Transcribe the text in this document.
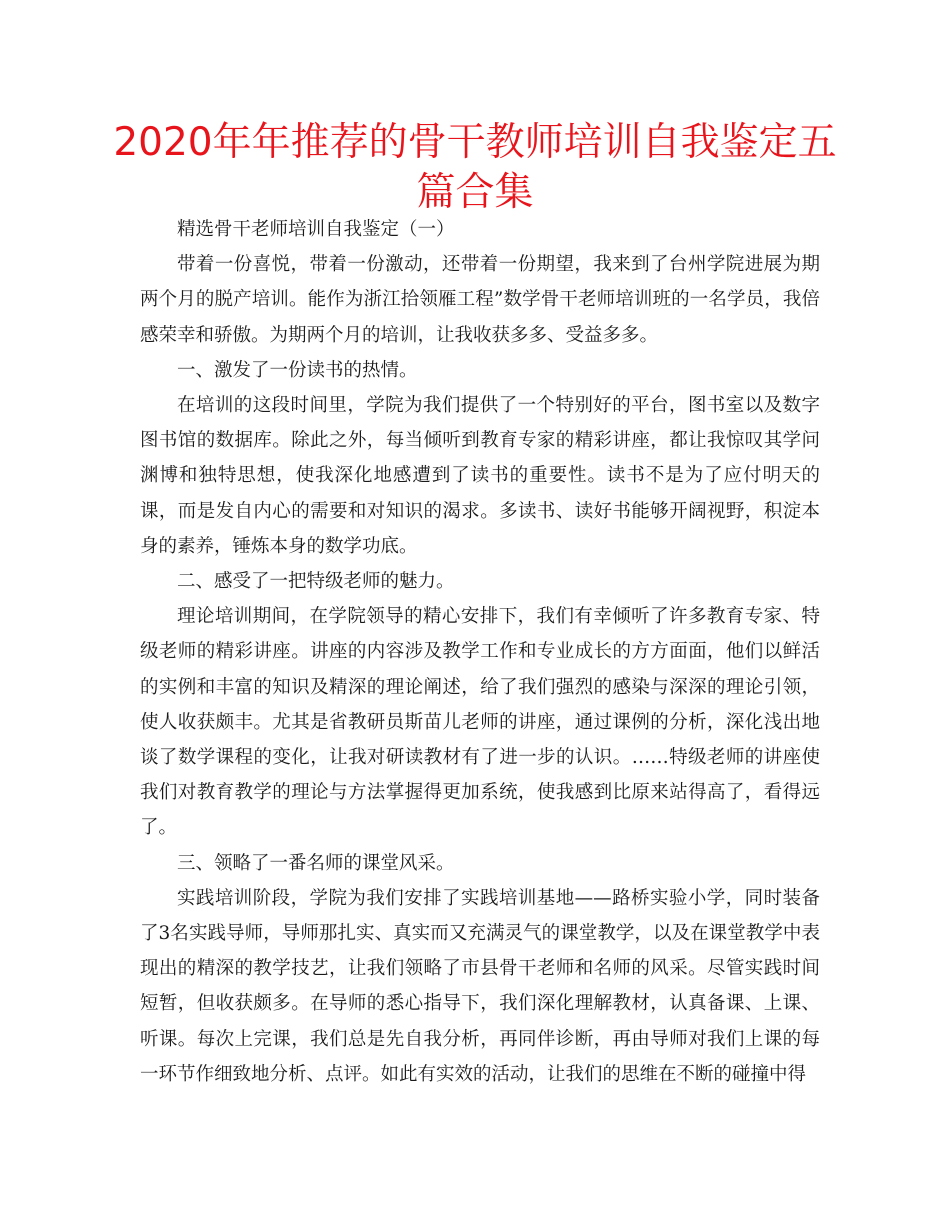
2020年年推荐的骨干教师培训自我鉴定五
篇合集

精选骨干老师培训自我鉴定（一）

带着一份喜悦，带着一份激动，还带着一份期望，我来到了台州学院进展为期两个月的脱产培训。能作为浙江拾领雁工程”数学骨干老师培训班的一名学员，我倍感荣幸和骄傲。为期两个月的培训，让我收获多多、受益多多。

一、激发了一份读书的热情。

在培训的这段时间里，学院为我们提供了一个特别好的平台，图书室以及数字图书馆的数据库。除此之外，每当倾听到教育专家的精彩讲座，都让我惊叹其学问渊博和独特思想，使我深化地感遭到了读书的重要性。读书不是为了应付明天的课，而是发自内心的需要和对知识的渴求。多读书、读好书能够开阔视野，积淀本身的素养，锤炼本身的数学功底。

二、感受了一把特级老师的魅力。

理论培训期间，在学院领导的精心安排下，我们有幸倾听了许多教育专家、特级老师的精彩讲座。讲座的内容涉及教学工作和专业成长的方方面面，他们以鲜活的实例和丰富的知识及精深的理论阐述，给了我们强烈的感染与深深的理论引领，使人收获颇丰。尤其是省教研员斯苗儿老师的讲座，通过课例的分析，深化浅出地谈了数学课程的变化，让我对研读教材有了进一步的认识。……特级老师的讲座使我们对教育教学的理论与方法掌握得更加系统，使我感到比原来站得高了，看得远了。

三、领略了一番名师的课堂风采。

实践培训阶段，学院为我们安排了实践培训基地——路桥实验小学，同时装备了3名实践导师，导师那扎实、真实而又充满灵气的课堂教学，以及在课堂教学中表现出的精深的教学技艺，让我们领略了市县骨干老师和名师的风采。尽管实践时间短暂，但收获颇多。在导师的悉心指导下，我们深化理解教材，认真备课、上课、听课。每次上完课，我们总是先自我分析，再同伴诊断，再由导师对我们上课的每一环节作细致地分析、点评。如此有实效的活动，让我们的思维在不断的碰撞中得
